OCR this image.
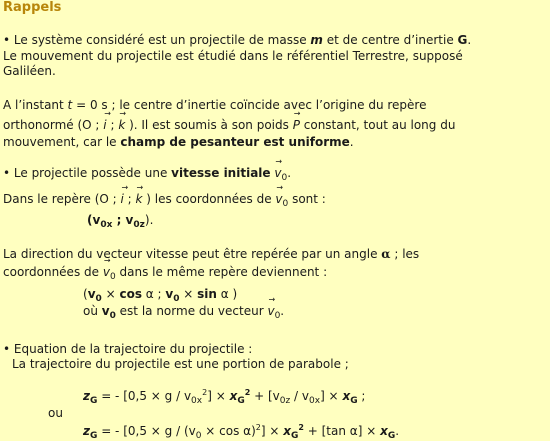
Rappels
• Le système considéré est un projectile de masse m et de centre d’inertie G.
Le mouvement du projectile est étudié dans le référentiel Terrestre, supposé
Galiléen.
A l’instant t = 0 s ; le centre d’inertie coïncide avec l’origine du repère
orthonormé (O ; → i ; → k ). Il est soumis à son poids → P constant, tout au long du
mouvement, car le champ de pesanteur est uniforme.
• Le projectile possède une vitesse initiale → $v_0$.
Dans le repère (O ; → i ; → k ) les coordonnées de → $v_0$ sont :
($v_{0x}$ ; $v_{0z}$).
La direction du vecteur vitesse peut être repérée par un angle α ; les
coordonnées de → $v_0$ dans le même repère deviennent :
($v_0 \times \cos \alpha$ ; $v_0 \times \sin \alpha$ )
où $v_0$ est la norme du vecteur → $v_0$.
• Equation de la trajectoire du projectile :
La trajectoire du projectile est une portion de parabole ;
$z_G$ = - $[0,5 \times g / v_{0x}^2] \times x_G^2 + [v_{0z} / v_{0x}] \times x_G$ ;
ou
$z_G$ = - $[0,5 \times g / (v_0 \times \cos \alpha)^2] \times x_G^2 + [\tan$ $\alpha] \times x_G$.
